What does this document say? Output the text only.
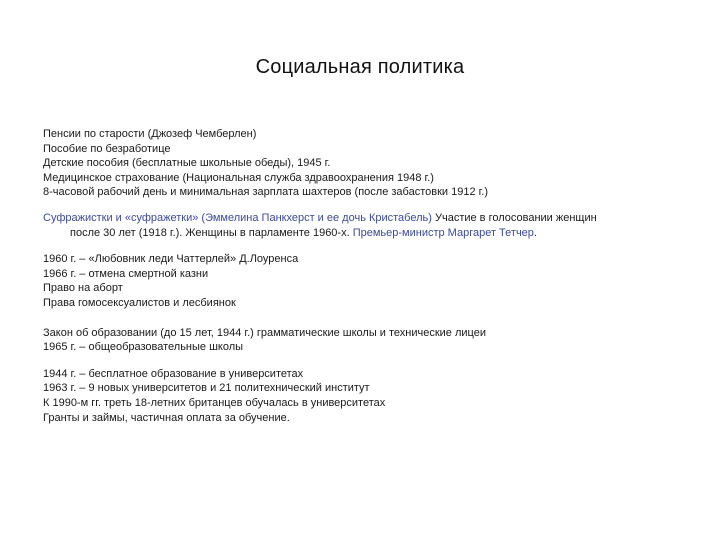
Социальная политика
Пенсии по старости (Джозеф Чемберлен)
Пособие по безработице
Детские пособия (бесплатные школьные обеды), 1945 г.
Медицинское страхование (Национальная служба здравоохранения 1948 г.)
8-часовой рабочий день и минимальная зарплата шахтеров (после забастовки 1912 г.)
Суфражистки и «суфражетки» (Эммелина Панкхерст и ее дочь Кристабель) Участие в голосовании женщин
после 30 лет (1918 г.). Женщины в парламенте 1960-х. Премьер-министр Маргарет Тетчер.
1960 г. – «Любовник леди Чаттерлей» Д.Лоуренса
1966 г. – отмена смертной казни
Право на аборт
Права гомосексуалистов и лесбиянок
Закон об образовании (до 15 лет, 1944 г.) грамматические школы и технические лицеи
1965 г. – общеобразовательные школы
1944 г. – бесплатное образование в университетах
1963 г. – 9 новых университетов и 21 политехнический институт
К 1990-м гг. треть 18-летних британцев обучалась в университетах
Гранты и займы, частичная оплата за обучение.
